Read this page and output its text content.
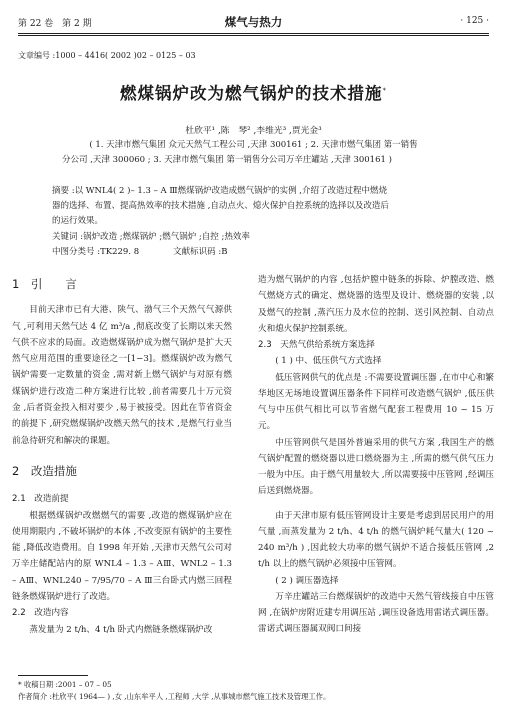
第 22 卷　第 2 期	煤气与热力	· 125 ·
文章编号 :1000 – 4416( 2002 )02 – 0125 – 03
燃煤锅炉改为燃气锅炉的技术措施*
杜欣平¹ ,陈　琴² ,李维光³ ,贾光金³
( 1. 天津市燃气集团 众元天然气工程公司 ,天津 300161 ; 2. 天津市燃气集团 第一销售
分公司 ,天津 300060 ; 3. 天津市燃气集团 第一销售分公司万辛庄罐站 ,天津 300161 )

摘要 :以 WNL4( 2 )– 1.3 – A Ⅲ燃煤锅炉改造成燃气锅炉的实例 ,介绍了改造过程中燃烧

器的选择、布置、提高热效率的技术措施 ,自动点火、熄火保护自控系统的选择以及改造后

的运行效果。

关键词 :锅炉改造 ;燃煤锅炉 ;燃气锅炉 ;自控 ;热效率

中图分类号 :TK229. 8　　　　文献标识码 :B

1　引　　言

目前天津市已有大港、陕气、渤气三个天然气气源供气 ,可利用天然气达 4 亿 m³/a ,彻底改变了长期以来天然气供不应求的局面。改造燃煤锅炉成为燃气锅炉是扩大天然气应用范围的重要途径之一[1−3]。燃煤锅炉改为燃气锅炉需要一定数量的资金 ,需对新上燃气锅炉与对原有燃煤锅炉进行改造二种方案进行比较 ,前者需要几十万元资金 ,后者资金投入相对要少 ,易于被接受。因此在节省资金的前提下 ,研究燃煤锅炉改燃天然气的技术 ,是燃气行业当前急待研究和解决的课题。

2　改造措施

2.1　改造前提

根据燃煤锅炉改燃燃气的需要 ,改造的燃煤锅炉应在使用期限内 ,不破坏锅炉的本体 ,不改变原有锅炉的主要性能 ,降低改造费用。自 1998 年开始 ,天津市天然气公司对万辛庄储配站内的原 WNL4 – 1.3 – AⅢ、WNL2 – 1.3 – AⅢ、WNL240 – 7/95/70 – A Ⅲ三台卧式内燃三回程链条燃煤锅炉进行了改造。

2.2　改造内容

蒸发量为 2 t/h、4 t/h 卧式内燃链条燃煤锅炉改

造为燃气锅炉的内容 ,包括炉膛中链条的拆除、炉膛改造、燃气燃烧方式的确定、燃烧器的选型及设计、燃烧器的安装 ,以及燃气的控制 ,蒸汽压力及水位的控制、送引风控制、自动点火和熄火保护控制系统。

2.3　天然气供给系统方案选择

( 1 ) 中、低压供气方式选择

低压管网供气的优点是 :不需要设置调压器 ,在市中心和繁华地区无场地设置调压器条件下同样可改造燃气锅炉 ,低压供气与中压供气相比可以节省燃气配套工程费用 10 ~ 15 万元。

中压管网供气是国外普遍采用的供气方案 ,我国生产的燃气锅炉配置的燃烧器以进口燃烧器为主 ,所需的燃气供气压力一般为中压。由于燃气用量较大 ,所以需要接中压管网 ,经调压后送到燃烧器。

由于天津市原有低压管网设计主要是考虑到居民用户的用气量 ,而蒸发量为 2 t/h、4 t/h 的燃气锅炉耗气量大( 120 ~ 240 m³/h ) ,因此较大功率的燃气锅炉不适合接低压管网 ,2 t/h 以上的燃气锅炉必须接中压管网。

( 2 ) 调压器选择

万辛庄罐站三台燃煤锅炉的改造中天然气管线接自中压管网 ,在锅炉房附近建专用调压站 ,调压设备选用雷诺式调压器。雷诺式调压器属双阀口间接

* 收稿日期 :2001 – 07 – 05
作者简介 :杜欣平( 1964— ) ,女 ,山东牟平人 ,工程师 ,大学 ,从事城市燃气施工技术及管理工作。
